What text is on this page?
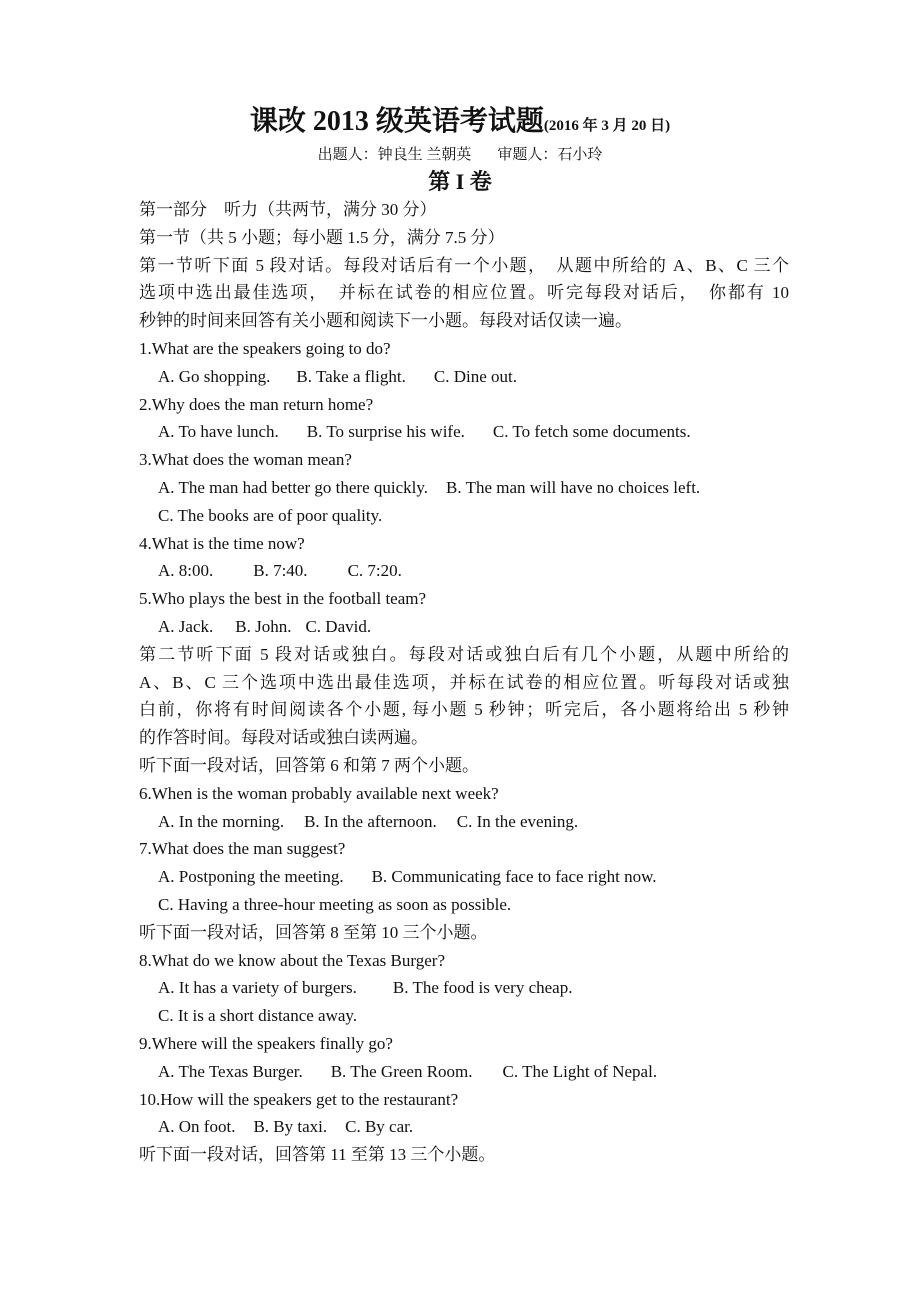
课改 2013 级英语考试题(2016 年 3 月 20 日)
出题人：钟良生 兰朝英 审题人：石小玲
第 I 卷
第一部分　听力（共两节，满分 30 分）
第一节（共 5 小题；每小题 1.5 分，满分 7.5 分）
第一节听下面 5 段对话。每段对话后有一个小题，　从题中所给的 A、B、C 三个
选项中选出最佳选项，　并标在试卷的相应位置。听完每段对话后，　你都有 10
秒钟的时间来回答有关小题和阅读下一小题。每段对话仅读一遍。
1.What are the speakers going to do?
A. Go shopping. B. Take a flight. C. Dine out.
2.Why does the man return home?
A. To have lunch. B. To surprise his wife. C. To fetch some documents.
3.What does the woman mean?
A. The man had better go there quickly. B. The man will have no choices left.
C. The books are of poor quality.
4.What is the time now?
A. 8:00. B. 7:40. C. 7:20.
5.Who plays the best in the football team?
A. Jack. B. John. C. David.
第二节听下面 5 段对话或独白。每段对话或独白后有几个小题，从题中所给的
A、B、C 三个选项中选出最佳选项，并标在试卷的相应位置。听每段对话或独
白前，你将有时间阅读各个小题, 每小题 5 秒钟；听完后，各小题将给出 5 秒钟
的作答时间。每段对话或独白读两遍。
听下面一段对话，回答第 6 和第 7 两个小题。
6.When is the woman probably available next week?
A. In the morning. B. In the afternoon. C. In the evening.
7.What does the man suggest?
A. Postponing the meeting. B. Communicating face to face right now.
C. Having a three-hour meeting as soon as possible.
听下面一段对话，回答第 8 至第 10 三个小题。
8.What do we know about the Texas Burger?
A. It has a variety of burgers. B. The food is very cheap.
C. It is a short distance away.
9.Where will the speakers finally go?
A. The Texas Burger. B. The Green Room. C. The Light of Nepal.
10.How will the speakers get to the restaurant?
A. On foot. B. By taxi. C. By car.
听下面一段对话，回答第 11 至第 13 三个小题。
